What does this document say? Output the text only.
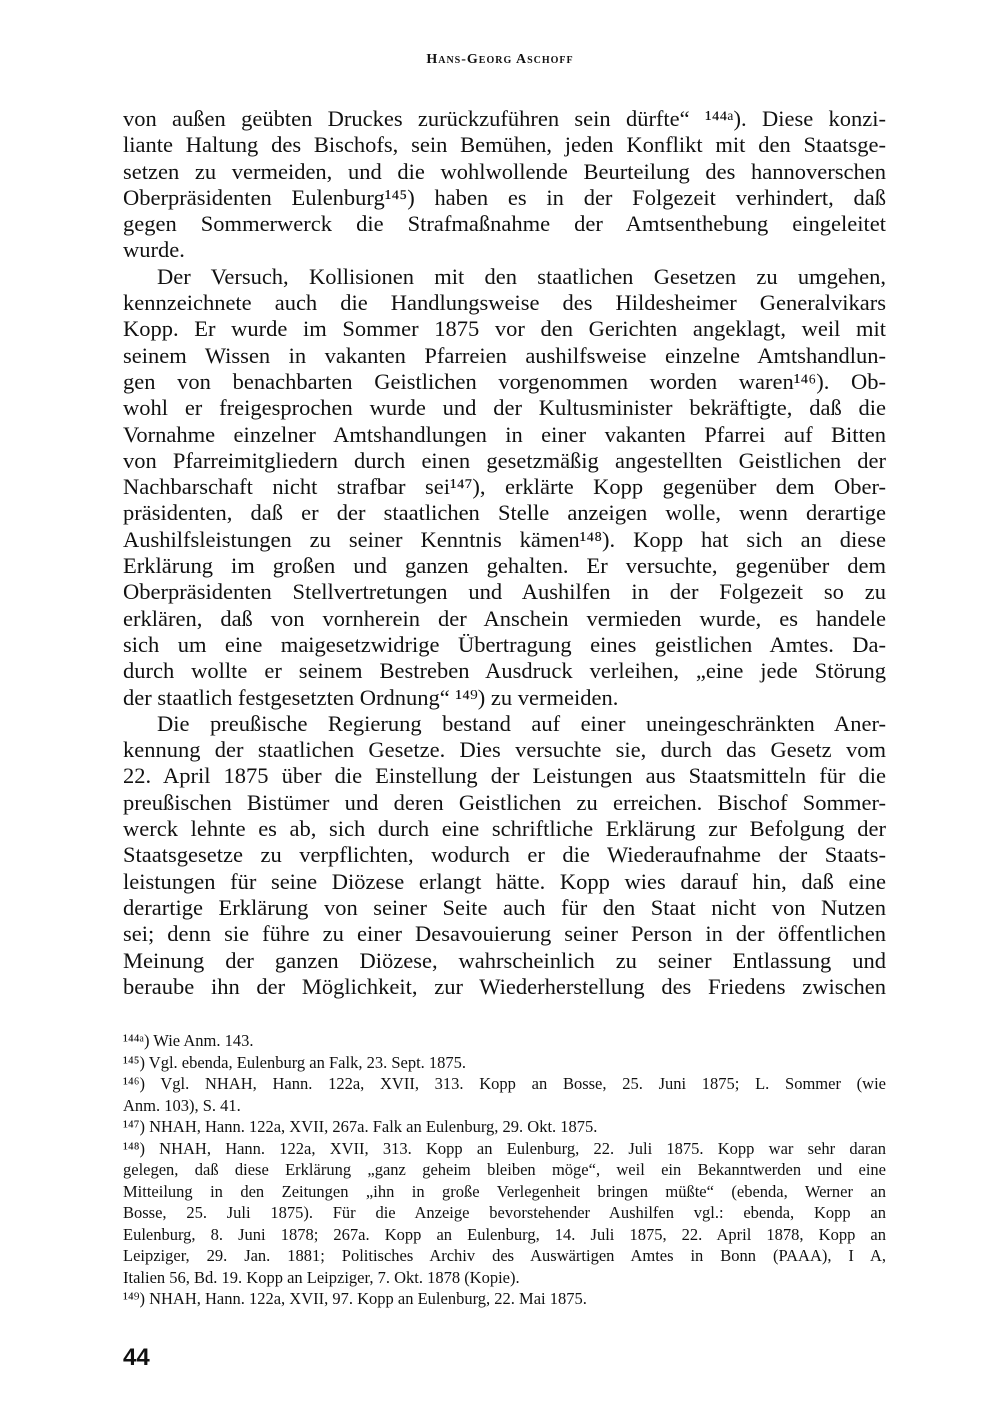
Hans-Georg Aschoff
von außen geübten Druckes zurückzuführen sein dürfte“ ¹⁴⁴ᵃ). Diese konzi-
liante Haltung des Bischofs, sein Bemühen, jeden Konflikt mit den Staatsge-
setzen zu vermeiden, und die wohlwollende Beurteilung des hannoverschen
Oberpräsidenten Eulenburg¹⁴⁵) haben es in der Folgezeit verhindert, daß
gegen Sommerwerck die Strafmaßnahme der Amtsenthebung eingeleitet
wurde.
Der Versuch, Kollisionen mit den staatlichen Gesetzen zu umgehen,
kennzeichnete auch die Handlungsweise des Hildesheimer Generalvikars
Kopp. Er wurde im Sommer 1875 vor den Gerichten angeklagt, weil mit
seinem Wissen in vakanten Pfarreien aushilfsweise einzelne Amtshandlun-
gen von benachbarten Geistlichen vorgenommen worden waren¹⁴⁶). Ob-
wohl er freigesprochen wurde und der Kultusminister bekräftigte, daß die
Vornahme einzelner Amtshandlungen in einer vakanten Pfarrei auf Bitten
von Pfarreimitgliedern durch einen gesetzmäßig angestellten Geistlichen der
Nachbarschaft nicht strafbar sei¹⁴⁷), erklärte Kopp gegenüber dem Ober-
präsidenten, daß er der staatlichen Stelle anzeigen wolle, wenn derartige
Aushilfsleistungen zu seiner Kenntnis kämen¹⁴⁸). Kopp hat sich an diese
Erklärung im großen und ganzen gehalten. Er versuchte, gegenüber dem
Oberpräsidenten Stellvertretungen und Aushilfen in der Folgezeit so zu
erklären, daß von vornherein der Anschein vermieden wurde, es handele
sich um eine maigesetzwidrige Übertragung eines geistlichen Amtes. Da-
durch wollte er seinem Bestreben Ausdruck verleihen, „eine jede Störung
der staatlich festgesetzten Ordnung“ ¹⁴⁹) zu vermeiden.
Die preußische Regierung bestand auf einer uneingeschränkten Aner-
kennung der staatlichen Gesetze. Dies versuchte sie, durch das Gesetz vom
22. April 1875 über die Einstellung der Leistungen aus Staatsmitteln für die
preußischen Bistümer und deren Geistlichen zu erreichen. Bischof Sommer-
werck lehnte es ab, sich durch eine schriftliche Erklärung zur Befolgung der
Staatsgesetze zu verpflichten, wodurch er die Wiederaufnahme der Staats-
leistungen für seine Diözese erlangt hätte. Kopp wies darauf hin, daß eine
derartige Erklärung von seiner Seite auch für den Staat nicht von Nutzen
sei; denn sie führe zu einer Desavouierung seiner Person in der öffentlichen
Meinung der ganzen Diözese, wahrscheinlich zu seiner Entlassung und
beraube ihn der Möglichkeit, zur Wiederherstellung des Friedens zwischen
¹⁴⁴ᵃ) Wie Anm. 143.
¹⁴⁵) Vgl. ebenda, Eulenburg an Falk, 23. Sept. 1875.
¹⁴⁶) Vgl. NHAH, Hann. 122a, XVII, 313. Kopp an Bosse, 25. Juni 1875; L. Sommer (wie
Anm. 103), S. 41.
¹⁴⁷) NHAH, Hann. 122a, XVII, 267a. Falk an Eulenburg, 29. Okt. 1875.
¹⁴⁸) NHAH, Hann. 122a, XVII, 313. Kopp an Eulenburg, 22. Juli 1875. Kopp war sehr daran
gelegen, daß diese Erklärung „ganz geheim bleiben möge“, weil ein Bekanntwerden und eine
Mitteilung in den Zeitungen „ihn in große Verlegenheit bringen müßte“ (ebenda, Werner an
Bosse, 25. Juli 1875). Für die Anzeige bevorstehender Aushilfen vgl.: ebenda, Kopp an
Eulenburg, 8. Juni 1878; 267a. Kopp an Eulenburg, 14. Juli 1875, 22. April 1878, Kopp an
Leipziger, 29. Jan. 1881; Politisches Archiv des Auswärtigen Amtes in Bonn (PAAA), I A,
Italien 56, Bd. 19. Kopp an Leipziger, 7. Okt. 1878 (Kopie).
¹⁴⁹) NHAH, Hann. 122a, XVII, 97. Kopp an Eulenburg, 22. Mai 1875.
44
